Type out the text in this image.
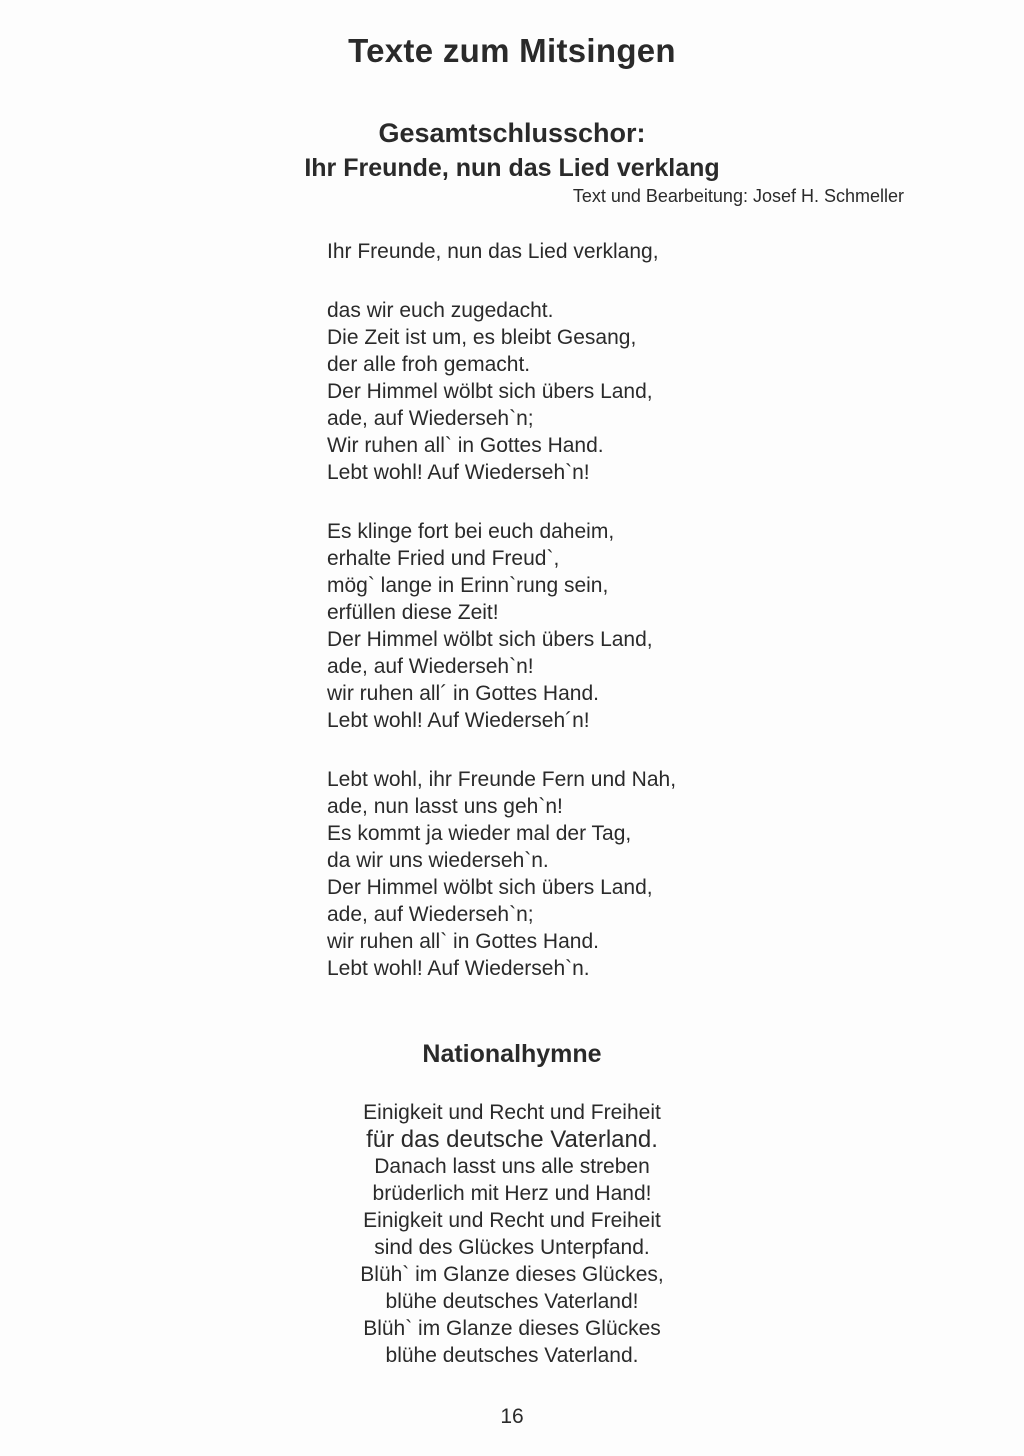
Texte zum Mitsingen
Gesamtschlusschor:
Ihr Freunde, nun das Lied verklang
Text und Bearbeitung: Josef H. Schmeller
Ihr Freunde, nun das Lied verklang,
das wir euch zugedacht.
Die Zeit ist um, es bleibt Gesang,
der alle froh gemacht.
Der Himmel wölbt sich übers Land,
ade, auf Wiederseh`n;
Wir ruhen all` in Gottes Hand.
Lebt wohl! Auf Wiederseh`n!
Es klinge fort bei euch daheim,
erhalte Fried und Freud`,
mög` lange in Erinn`rung sein,
erfüllen diese Zeit!
Der Himmel wölbt sich übers Land,
ade, auf Wiederseh`n!
wir ruhen all´ in Gottes Hand.
Lebt wohl! Auf Wiederseh´n!
Lebt wohl, ihr Freunde Fern und Nah,
ade, nun lasst uns geh`n!
Es kommt ja wieder mal der Tag,
da wir uns wiederseh`n.
Der Himmel wölbt sich übers Land,
ade, auf Wiederseh`n;
wir ruhen all` in Gottes Hand.
Lebt wohl! Auf Wiederseh`n.
Nationalhymne
Einigkeit und Recht und Freiheit
für das deutsche Vaterland.
Danach lasst uns alle streben
brüderlich mit Herz und Hand!
Einigkeit und Recht und Freiheit
sind des Glückes Unterpfand.
Blüh` im Glanze dieses Glückes,
blühe deutsches Vaterland!
Blüh` im Glanze dieses Glückes
blühe deutsches Vaterland.
16
